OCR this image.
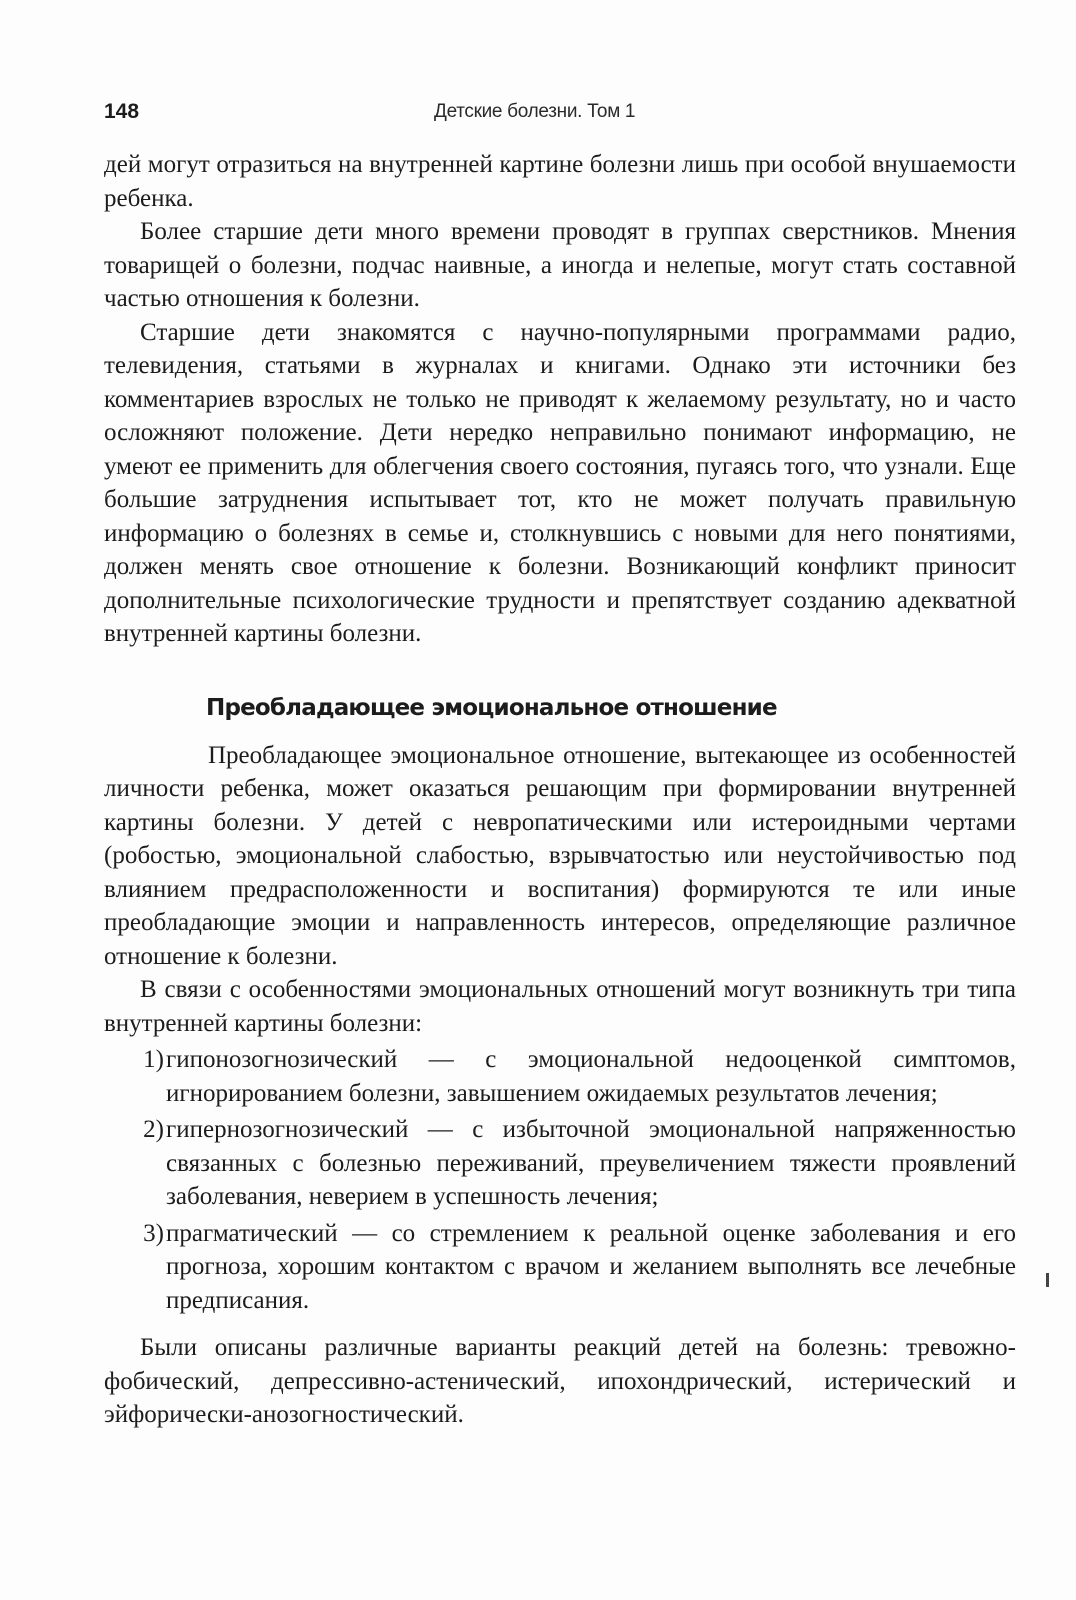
148	Детские болезни. Том 1

дей могут отразиться на внутренней картине болезни лишь при особой внушаемости ребенка.

Более старшие дети много времени проводят в группах сверстников. Мнения товарищей о болезни, подчас наивные, а иногда и нелепые, могут стать составной частью отношения к болезни.

Старшие дети знакомятся с научно-популярными программами радио, телевидения, статьями в журналах и книгами. Однако эти источники без комментариев взрослых не только не приводят к желаемому результату, но и часто осложняют положение. Дети нередко неправильно понимают информацию, не умеют ее применить для облегчения своего состояния, пугаясь того, что узнали. Еще большие затруднения испытывает тот, кто не может получать правильную информацию о болезнях в семье и, столкнувшись с новыми для него понятиями, должен менять свое отношение к болезни. Возникающий конфликт приносит дополнительные психологические трудности и препятствует созданию адекватной внутренней картины болезни.

Преобладающее эмоциональное отношение

Преобладающее эмоциональное отношение, вытекающее из особенностей личности ребенка, может оказаться решающим при формировании внутренней картины болезни. У детей с невропатическими или истероидными чертами (робостью, эмоциональной слабостью, взрывчатостью или неустойчивостью под влиянием предрасположенности и воспитания) формируются те или иные преобладающие эмоции и направленность интересов, определяющие различное отношение к болезни.

В связи с особенностями эмоциональных отношений могут возникнуть три типа внутренней картины болезни:

1) гипонозогнозический — с эмоциональной недооценкой симптомов, игнорированием болезни, завышением ожидаемых результатов лечения;
2) гипернозогнозический — с избыточной эмоциональной напряженностью связанных с болезнью переживаний, преувеличением тяжести проявлений заболевания, неверием в успешность лечения;
3) прагматический — со стремлением к реальной оценке заболевания и его прогноза, хорошим контактом с врачом и желанием выполнять все лечебные предписания.

Были описаны различные варианты реакций детей на болезнь: тревожно-фобический, депрессивно-астенический, ипохондрический, истерический и эйфорически-анозогностический.
